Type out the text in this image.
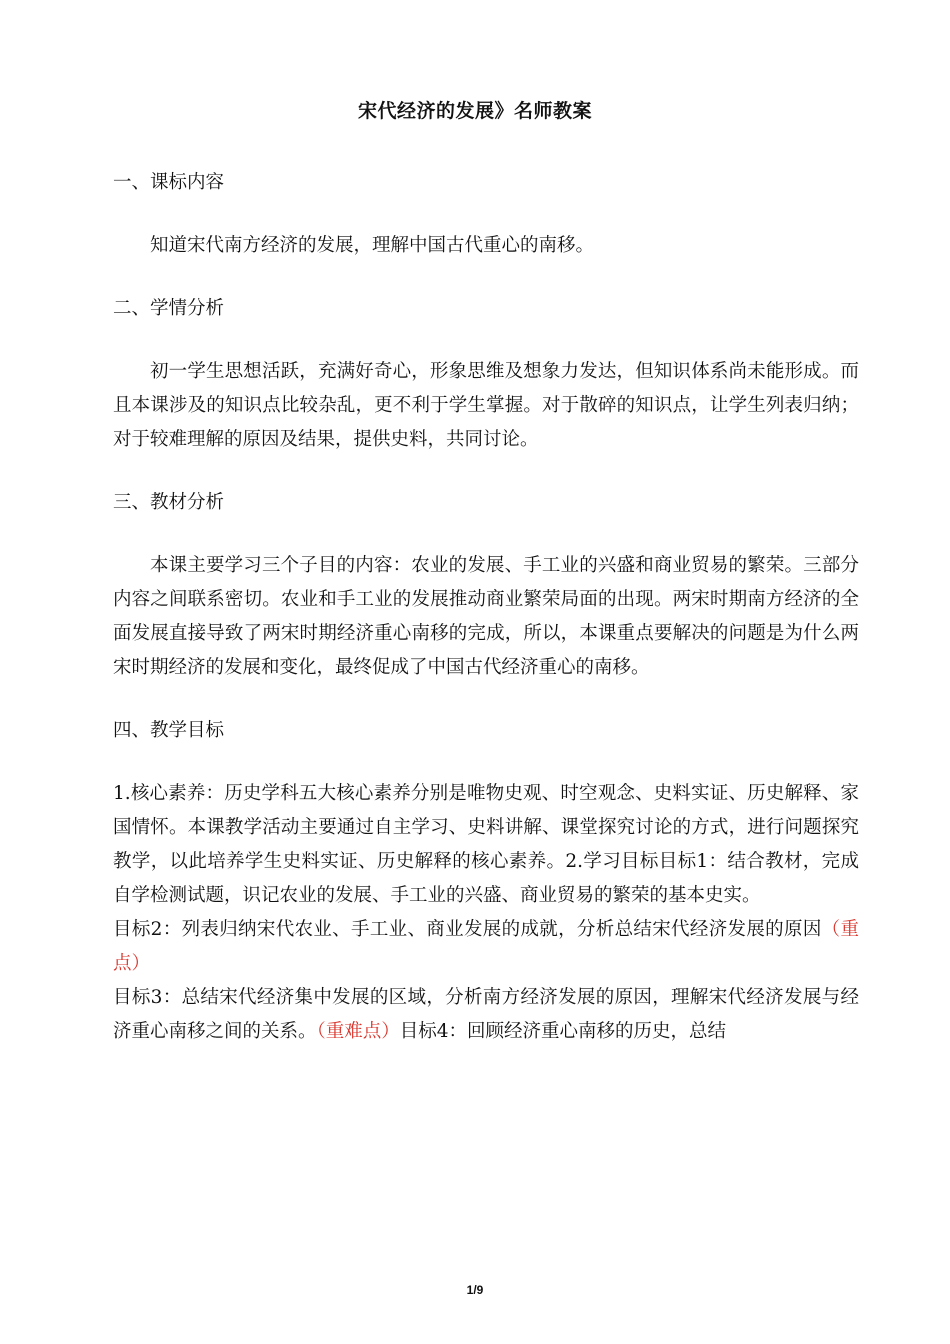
宋代经济的发展》名师教案

一、课标内容

知道宋代南方经济的发展，理解中国古代重心的南移。

二、学情分析

初一学生思想活跃，充满好奇心，形象思维及想象力发达，但知识体系尚未能形成。而且本课涉及的知识点比较杂乱，更不利于学生掌握。对于散碎的知识点，让学生列表归纳；对于较难理解的原因及结果，提供史料，共同讨论。

三、教材分析

本课主要学习三个子目的内容：农业的发展、手工业的兴盛和商业贸易的繁荣。三部分内容之间联系密切。农业和手工业的发展推动商业繁荣局面的出现。两宋时期南方经济的全面发展直接导致了两宋时期经济重心南移的完成，所以，本课重点要解决的问题是为什么两宋时期经济的发展和变化，最终促成了中国古代经济重心的南移。

四、教学目标

1.核心素养：历史学科五大核心素养分别是唯物史观、时空观念、史料实证、历史解释、家国情怀。本课教学活动主要通过自主学习、史料讲解、课堂探究讨论的方式，进行问题探究教学，以此培养学生史料实证、历史解释的核心素养。2.学习目标目标1：结合教材，完成自学检测试题，识记农业的发展、手工业的兴盛、商业贸易的繁荣的基本史实。

目标2：列表归纳宋代农业、手工业、商业发展的成就，分析总结宋代经济发展的原因（重点）

目标3：总结宋代经济集中发展的区域，分析南方经济发展的原因，理解宋代经济发展与经济重心南移之间的关系。（重难点）目标4：回顾经济重心南移的历史，总结

1/9
